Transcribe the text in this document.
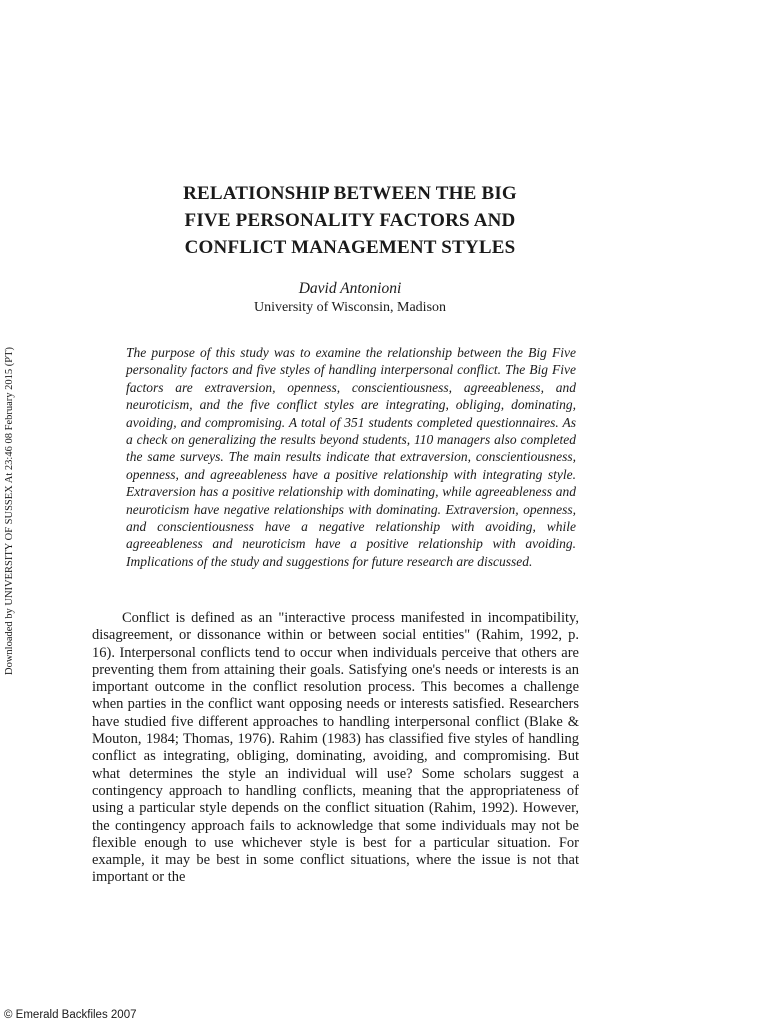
RELATIONSHIP BETWEEN THE BIG
FIVE PERSONALITY FACTORS AND
CONFLICT MANAGEMENT STYLES

David Antonioni

University of Wisconsin, Madison

The purpose of this study was to examine the relationship between the Big Five personality factors and five styles of handling interpersonal conflict. The Big Five factors are extraversion, openness, conscientiousness, agreeableness, and neuroticism, and the five conflict styles are integrating, obliging, dominating, avoiding, and compromising. A total of 351 students completed questionnaires. As a check on generalizing the results beyond students, 110 managers also completed the same surveys. The main results indicate that extraversion, conscientiousness, openness, and agreeableness have a positive relationship with integrating style. Extraversion has a positive relationship with dominating, while agreeableness and neuroticism have negative relationships with dominating. Extraversion, openness, and conscientiousness have a negative relationship with avoiding, while agreeableness and neuroticism have a positive relationship with avoiding. Implications of the study and suggestions for future research are discussed.

Conflict is defined as an "interactive process manifested in incompatibility, disagreement, or dissonance within or between social entities" (Rahim, 1992, p. 16). Interpersonal conflicts tend to occur when individuals perceive that others are preventing them from attaining their goals. Satisfying one's needs or interests is an important outcome in the conflict resolution process. This becomes a challenge when parties in the conflict want opposing needs or interests satisfied. Researchers have studied five different approaches to handling interpersonal conflict (Blake & Mouton, 1984; Thomas, 1976). Rahim (1983) has classified five styles of handling conflict as integrating, obliging, dominating, avoiding, and compromising. But what determines the style an individual will use? Some scholars suggest a contingency approach to handling conflicts, meaning that the appropriateness of using a particular style depends on the conflict situation (Rahim, 1992). However, the contingency approach fails to acknowledge that some individuals may not be flexible enough to use whichever style is best for a particular situation. For example, it may be best in some conflict situations, where the issue is not that important or the

Downloaded by UNIVERSITY OF SUSSEX At 23:46 08 February 2015 (PT)

© Emerald Backfiles 2007
